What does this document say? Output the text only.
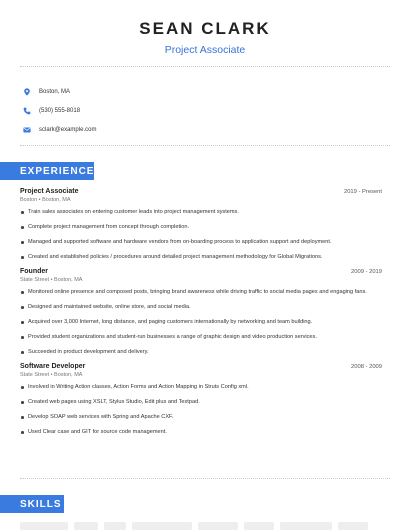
SEAN CLARK
Project Associate
Boston, MA
(530) 555-8018
sclark@example.com
EXPERIENCE
Project Associate	2019 - Present
Boston • Boston, MA
Train sales associates on entering customer leads into project management systems.
Complete project management from concept through completion.
Managed and supported software and hardware vendors from on-boarding process to application support and deployment.
Created and established policies / procedures around detailed project management methodology for Global Migrations.
Founder	2009 - 2019
State Street • Boston, MA
Monitored online presence and composed posts, bringing brand awareness while driving traffic to social media pages and engaging fans.
Designed and maintained website, online store, and social media.
Acquired over 3,000 Internet, long distance, and paging customers internationally by networking and team building.
Provided student organizations and student-run businesses a range of graphic design and video production services.
Succeeded in product development and delivery.
Software Developer	2008 - 2009
State Street • Boston, MA
Involved in Writing Action classes, Action Forms and Action Mapping in Struts Config xml.
Created web pages using XSLT, Stylus Studio, Edit plus and Textpad.
Develop SOAP web services with Spring and Apache CXF.
Used Clear case and GIT for source code management.
SKILLS
